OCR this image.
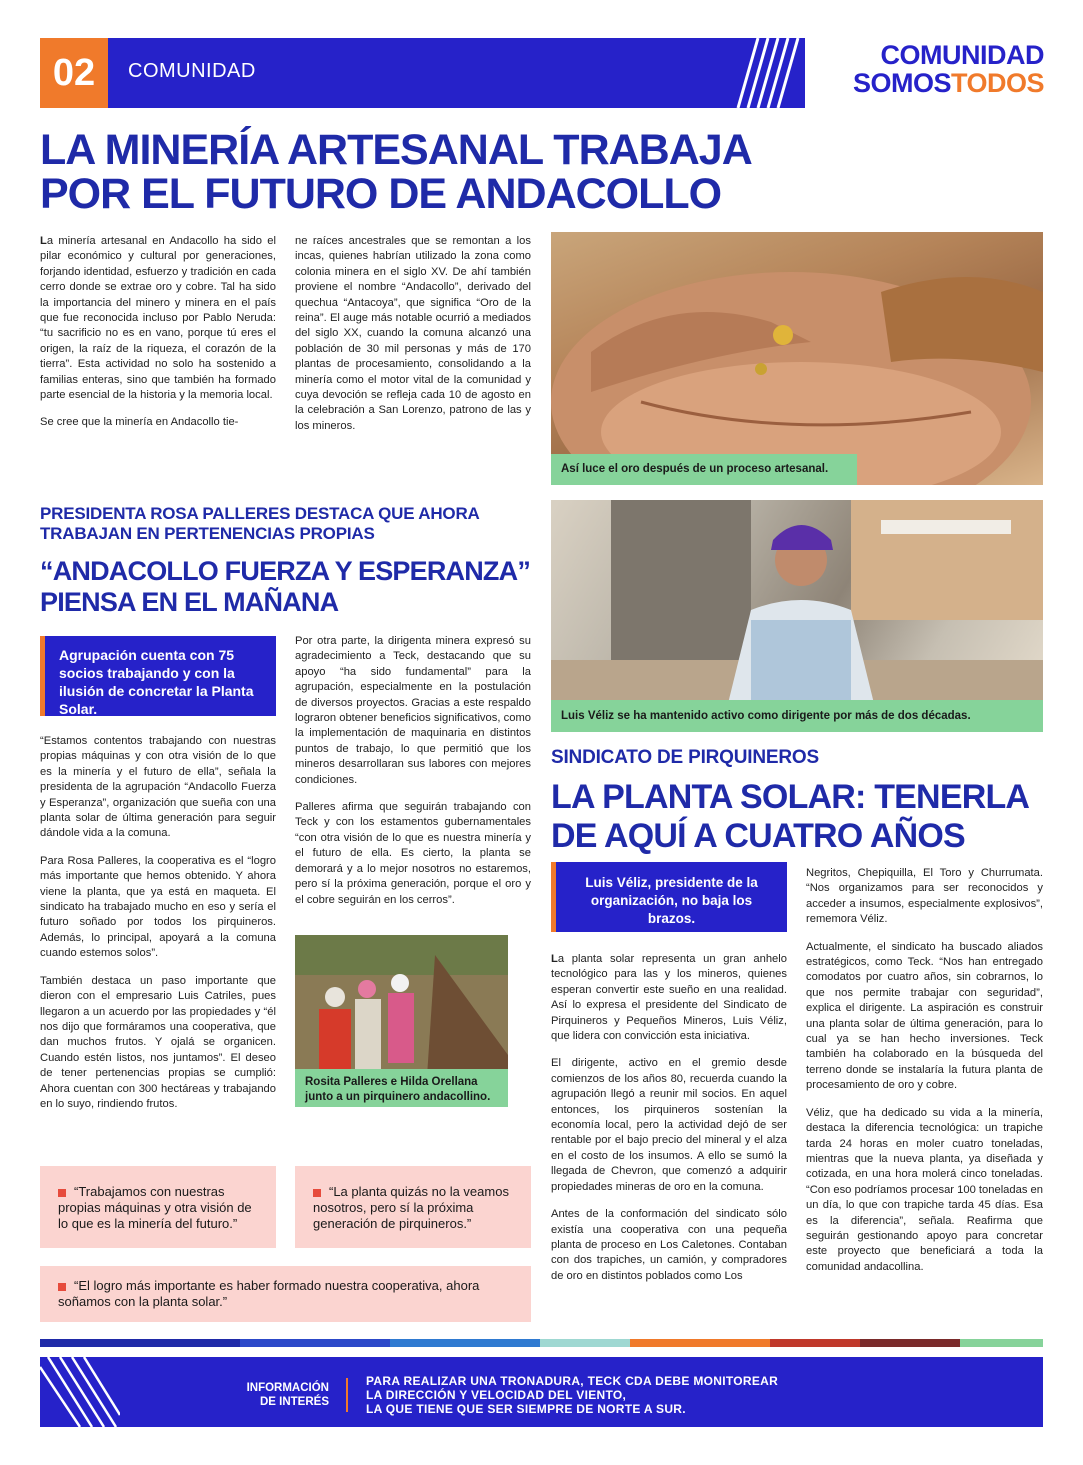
02	COMUNIDAD
COMUNIDAD
SOMOSTODOS
LA MINERÍA ARTESANAL TRABAJA
POR EL FUTURO DE ANDACOLLO

La minería artesanal en Andacollo ha sido el pilar económico y cultural por generaciones, forjando identidad, esfuerzo y tradición en cada cerro donde se extrae oro y cobre. Tal ha sido la importancia del minero y minera en el país que fue reconocida incluso por Pablo Neruda: “tu sacrificio no es en vano, porque tú eres el origen, la raíz de la riqueza, el corazón de la tierra”. Esta actividad no solo ha sostenido a familias enteras, sino que también ha formado parte esencial de la historia y la memoria local.

Se cree que la minería en Andacollo tie-

ne raíces ancestrales que se remontan a los incas, quienes habrían utilizado la zona como colonia minera en el siglo XV. De ahí también proviene el nombre “Andacollo”, derivado del quechua “Antacoya”, que significa “Oro de la reina”. El auge más notable ocurrió a mediados del siglo XX, cuando la comuna alcanzó una población de 30 mil personas y más de 170 plantas de procesamiento, consolidando a la minería como el motor vital de la comunidad y cuya devoción se refleja cada 10 de agosto en la celebración a San Lorenzo, patrono de las y los mineros.

Así luce el oro después de un proceso artesanal.
PRESIDENTA ROSA PALLERES DESTACA QUE AHORA TRABAJAN EN PERTENENCIAS PROPIAS
“ANDACOLLO FUERZA Y ESPERANZA”
PIENSA EN EL MAÑANA
Agrupación cuenta con 75 socios trabajando y con la ilusión de concretar la Planta Solar.

“Estamos contentos trabajando con nuestras propias máquinas y con otra visión de lo que es la minería y el futuro de ella”, señala la presidenta de la agrupación “Andacollo Fuerza y Esperanza”, organización que sueña con una planta solar de última generación para seguir dándole vida a la comuna.

Para Rosa Palleres, la cooperativa es el “logro más importante que hemos obtenido. Y ahora viene la planta, que ya está en maqueta. El sindicato ha trabajado mucho en eso y sería el futuro soñado por todos los pirquineros. Además, lo principal, apoyará a la comuna cuando estemos solos”.

También destaca un paso importante que dieron con el empresario Luis Catriles, pues llegaron a un acuerdo por las propiedades y “él nos dijo que formáramos una cooperativa, que dan muchos frutos. Y ojalá se organicen. Cuando estén listos, nos juntamos”. El deseo de tener pertenencias propias se cumplió: Ahora cuentan con 300 hectáreas y trabajando en lo suyo, rindiendo frutos.

Por otra parte, la dirigenta minera expresó su agradecimiento a Teck, destacando que su apoyo “ha sido fundamental” para la agrupación, especialmente en la postulación de diversos proyectos. Gracias a este respaldo lograron obtener beneficios significativos, como la implementación de maquinaria en distintos puntos de trabajo, lo que permitió que los mineros desarrollaran sus labores con mejores condiciones.

Palleres afirma que seguirán trabajando con Teck y con los estamentos gubernamentales “con otra visión de lo que es nuestra minería y el futuro de ella. Es cierto, la planta se demorará y a lo mejor nosotros no estaremos, pero sí la próxima generación, porque el oro y el cobre seguirán en los cerros”.

Rosita Palleres e Hilda Orellana junto a un pirquinero andacollino.
“Trabajamos con nuestras propias máquinas y otra visión de lo que es la minería del futuro.”
“La planta quizás no la veamos nosotros, pero sí la próxima generación de pirquineros.”
“El logro más importante es haber formado nuestra cooperativa, ahora soñamos con la planta solar.”
Luis Véliz se ha mantenido activo como dirigente por más de dos décadas.
SINDICATO DE PIRQUINEROS
LA PLANTA SOLAR: TENERLA
DE AQUÍ A CUATRO AÑOS
Luis Véliz, presidente de la organización, no baja los brazos.

La planta solar representa un gran anhelo tecnológico para las y los mineros, quienes esperan convertir este sueño en una realidad. Así lo expresa el presidente del Sindicato de Pirquineros y Pequeños Mineros, Luis Véliz, que lidera con convicción esta iniciativa.

El dirigente, activo en el gremio desde comienzos de los años 80, recuerda cuando la agrupación llegó a reunir mil socios. En aquel entonces, los pirquineros sostenían la economía local, pero la actividad dejó de ser rentable por el bajo precio del mineral y el alza en el costo de los insumos. A ello se sumó la llegada de Chevron, que comenzó a adquirir propiedades mineras de oro en la comuna.

Antes de la conformación del sindicato sólo existía una cooperativa con una pequeña planta de proceso en Los Caletones. Contaban con dos trapiches, un camión, y compradores de oro en distintos poblados como Los

Negritos, Chepiquilla, El Toro y Churrumata. “Nos organizamos para ser reconocidos y acceder a insumos, especialmente explosivos”, rememora Véliz.

Actualmente, el sindicato ha buscado aliados estratégicos, como Teck. “Nos han entregado comodatos por cuatro años, sin cobrarnos, lo que nos permite trabajar con seguridad”, explica el dirigente. La aspiración es construir una planta solar de última generación, para lo cual ya se han hecho inversiones. Teck también ha colaborado en la búsqueda del terreno donde se instalaría la futura planta de procesamiento de oro y cobre.

Véliz, que ha dedicado su vida a la minería, destaca la diferencia tecnológica: un trapiche tarda 24 horas en moler cuatro toneladas, mientras que la nueva planta, ya diseñada y cotizada, en una hora molerá cinco toneladas. “Con eso podríamos procesar 100 toneladas en un día, lo que con trapiche tarda 45 días. Esa es la diferencia”, señala. Reafirma que seguirán gestionando apoyo para concretar este proyecto que beneficiará a toda la comunidad andacollina.

INFORMACIÓN
DE INTERÉS
PARA REALIZAR UNA TRONADURA, TECK CDA DEBE MONITOREAR
LA DIRECCIÓN Y VELOCIDAD DEL VIENTO,
LA QUE TIENE QUE SER SIEMPRE DE NORTE A SUR.
